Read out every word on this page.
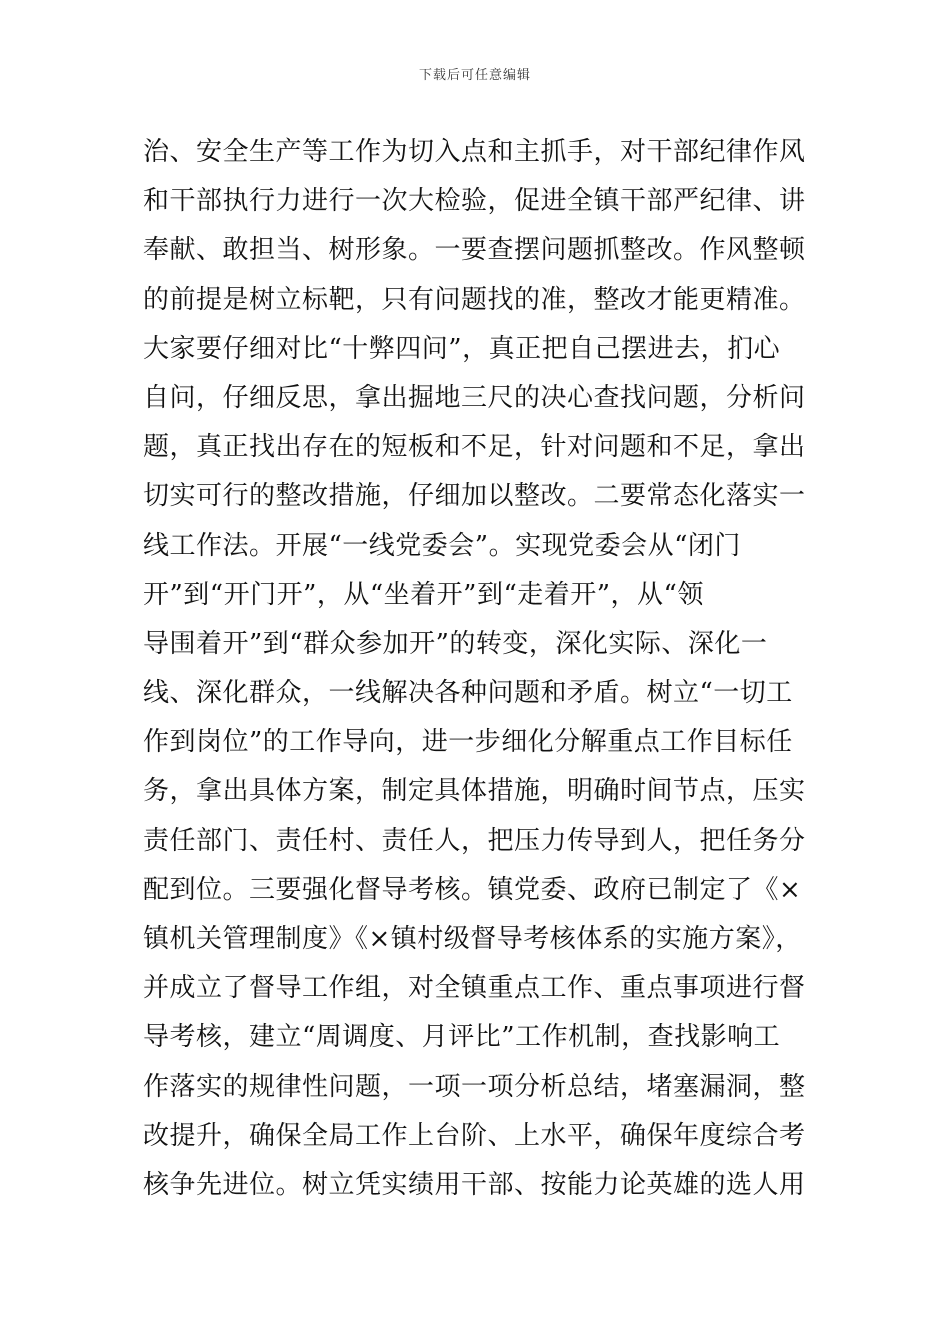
下载后可任意编辑
治、安全生产等工作为切入点和主抓手，对干部纪律作风
和干部执行力进行一次大检验，促进全镇干部严纪律、讲
奉献、敢担当、树形象。一要查摆问题抓整改。作风整顿
的前提是树立标靶，只有问题找的准，整改才能更精准。
大家要仔细对比“十弊四问”，真正把自己摆进去，扪心
自问，仔细反思，拿出掘地三尺的决心查找问题，分析问
题，真正找出存在的短板和不足，针对问题和不足，拿出
切实可行的整改措施，仔细加以整改。二要常态化落实一
线工作法。开展“一线党委会”。实现党委会从“闭门
开”到“开门开”，从“坐着开”到“走着开”，从“领
导围着开”到“群众参加开”的转变，深化实际、深化一
线、深化群众，一线解决各种问题和矛盾。树立“一切工
作到岗位”的工作导向，进一步细化分解重点工作目标任
务，拿出具体方案，制定具体措施，明确时间节点，压实
责任部门、责任村、责任人，把压力传导到人，把任务分
配到位。三要强化督导考核。镇党委、政府已制定了《×
镇机关管理制度》《×镇村级督导考核体系的实施方案》，
并成立了督导工作组，对全镇重点工作、重点事项进行督
导考核，建立“周调度、月评比”工作机制，查找影响工
作落实的规律性问题，一项一项分析总结，堵塞漏洞，整
改提升，确保全局工作上台阶、上水平，确保年度综合考
核争先进位。树立凭实绩用干部、按能力论英雄的选人用
